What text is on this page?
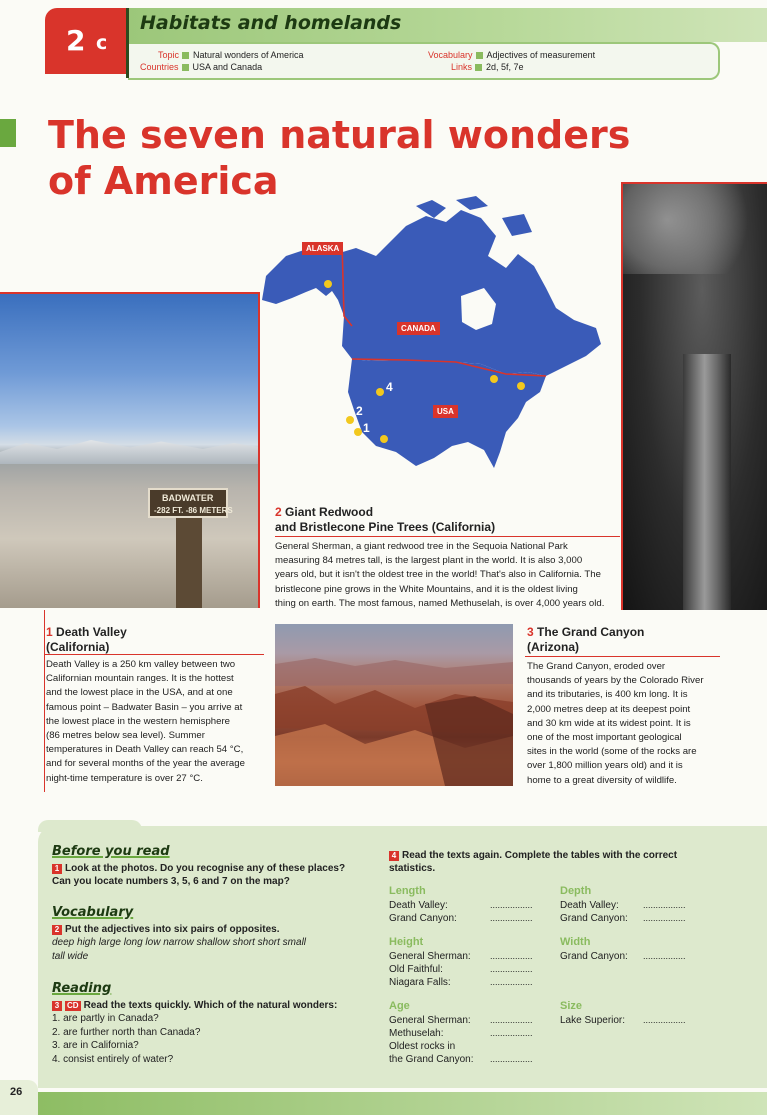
2 c
Habitats and homelands
Topic Natural wonders of America
Countries USA and Canada
Vocabulary Adjectives of measurement
Links 2d, 5f, 7e
The seven natural wonders
of America
BADWATER
-282 FT. -86 METERS
ALASKA
CANADA
USA
4
2
1
2 Giant Redwood
and Bristlecone Pine Trees (California)
General Sherman, a giant redwood tree in the Sequoia National Park
measuring 84 metres tall, is the largest plant in the world. It is also 3,000
years old, but it isn't the oldest tree in the world! That's also in California. The
bristlecone pine grows in the White Mountains, and it is the oldest living
thing on earth. The most famous, named Methuselah, is over 4,000 years old.
1 Death Valley
(California)
Death Valley is a 250 km valley between two
Californian mountain ranges. It is the hottest
and the lowest place in the USA, and at one
famous point – Badwater Basin – you arrive at
the lowest place in the western hemisphere
(86 metres below sea level). Summer
temperatures in Death Valley can reach 54 °C,
and for several months of the year the average
night-time temperature is over 27 °C.
3 The Grand Canyon
(Arizona)
The Grand Canyon, eroded over
thousands of years by the Colorado River
and its tributaries, is 400 km long. It is
2,000 metres deep at its deepest point
and 30 km wide at its widest point. It is
one of the most important geological
sites in the world (some of the rocks are
over 1,800 million years old) and it is
home to a great diversity of wildlife.
Before you read
1 Look at the photos. Do you recognise any of these places?
Can you locate numbers 3, 5, 6 and 7 on the map?
Vocabulary
2 Put the adjectives into six pairs of opposites.
deep high large long low narrow shallow short short small
tall wide
Reading
3 CD Read the texts quickly. Which of the natural wonders:
1. are partly in Canada?
2. are further north than Canada?
3. are in California?
4. consist entirely of water?
4 Read the texts again. Complete the tables with the correct
statistics.
Length
Death Valley:
Grand Canyon:
.................
.................
Depth
Death Valley:
Grand Canyon:
.................
.................
Height
General Sherman:
Old Faithful:
Niagara Falls:
.................
.................
.................
Width
Grand Canyon: .................
Age
General Sherman:
Methuselah:
Oldest rocks in
the Grand Canyon:
.................
.................
.................
Size
Lake Superior: .................
26
